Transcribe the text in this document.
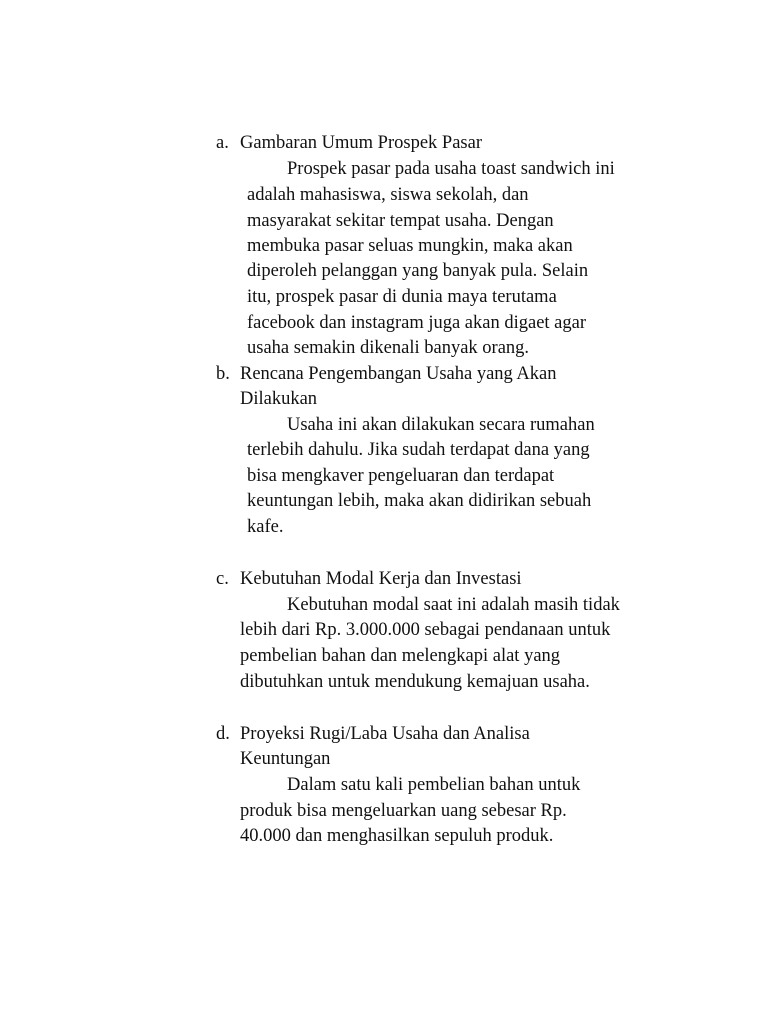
a. Gambaran Umum Prospek Pasar
Prospek pasar pada usaha toast sandwich ini
adalah mahasiswa, siswa sekolah, dan
masyarakat sekitar tempat usaha. Dengan
membuka pasar seluas mungkin, maka akan
diperoleh pelanggan yang banyak pula. Selain
itu, prospek pasar di dunia maya terutama
facebook dan instagram juga akan digaet agar
usaha semakin dikenali banyak orang.
b. Rencana Pengembangan Usaha yang Akan
Dilakukan
Usaha ini akan dilakukan secara rumahan
terlebih dahulu. Jika sudah terdapat dana yang
bisa mengkaver pengeluaran dan terdapat
keuntungan lebih, maka akan didirikan sebuah
kafe.
c. Kebutuhan Modal Kerja dan Investasi
Kebutuhan modal saat ini adalah masih tidak
lebih dari Rp. 3.000.000 sebagai pendanaan untuk
pembelian bahan dan melengkapi alat yang
dibutuhkan untuk mendukung kemajuan usaha.
d. Proyeksi Rugi/Laba Usaha dan Analisa
Keuntungan
Dalam satu kali pembelian bahan untuk
produk bisa mengeluarkan uang sebesar Rp.
40.000 dan menghasilkan sepuluh produk.
